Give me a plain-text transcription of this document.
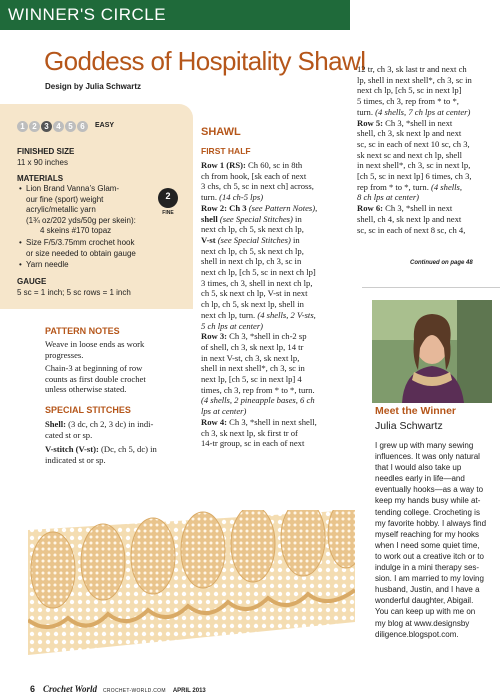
WINNER'S CIRCLE
Goddess of Hospitality Shawl
Design by Julia Schwartz
1 2 3 4 5 6	EASY
FINISHED SIZE
11 x 90 inches
MATERIALS
• Lion Brand Vanna’s Glam-
our fine (sport) weight
acrylic/metallic yarn
(1¾ oz/202 yds/50g per skein):
4 skeins #170 topaz
• Size F/5/3.75mm crochet hook
or size needed to obtain gauge
• Yarn needle
2
FINE
GAUGE
5 sc = 1 inch; 5 sc rows = 1 inch
PATTERN NOTES
Weave in loose ends as work
progresses.
Chain-3 at beginning of row
counts as first double crochet
unless otherwise stated.
SPECIAL STITCHES
Shell: (3 dc, ch 2, 3 dc) in indi-
cated st or sp.
V-stitch (V-st): (Dc, ch 5, dc) in
indicated st or sp.
SHAWL
FIRST HALF
Row 1 (RS): Ch 60, sc in 8th
ch from hook, [sk each of next
3 chs, ch 5, sc in next ch] across,
turn. (14 ch-5 lps)
Row 2: Ch 3 (see Pattern Notes),
shell (see Special Stitches) in
next ch lp, ch 5, sk next ch lp,
V-st (see Special Stitches) in
next ch lp, ch 5, sk next ch lp,
shell in next ch lp, ch 3, sc in
next ch lp, [ch 5, sc in next ch lp]
3 times, ch 3, shell in next ch lp,
ch 5, sk next ch lp, V-st in next
ch lp, ch 5, sk next lp, shell in
next ch lp, turn. (4 shells, 2 V-sts,
5 ch lps at center)
Row 3: Ch 3, *shell in ch-2 sp
of shell, ch 3, sk next lp, 14 tr
in next V-st, ch 3, sk next lp,
shell in next shell*, ch 3, sc in
next lp, [ch 5, sc in next lp] 4
times, ch 3, rep from * to *, turn.
(4 shells, 2 pineapple bases, 6 ch
lps at center)
Row 4: Ch 3, *shell in next shell,
ch 3, sk next lp, sk first tr of
14-tr group, sc in each of next
12 tr, ch 3, sk last tr and next ch
lp, shell in next shell*, ch 3, sc in
next ch lp, [ch 5, sc in next lp]
5 times, ch 3, rep from * to *,
turn. (4 shells, 7 ch lps at center)
Row 5: Ch 3, *shell in next
shell, ch 3, sk next lp and next
sc, sc in each of next 10 sc, ch 3,
sk next sc and next ch lp, shell
in next shell*, ch 3, sc in next lp,
[ch 5, sc in next lp] 6 times, ch 3,
rep from * to *, turn. (4 shells,
8 ch lps at center)
Row 6: Ch 3, *shell in next
shell, ch 4, sk next lp and next
sc, sc in each of next 8 sc, ch 4,
Continued on page 48
Meet the Winner
Julia Schwartz
I grew up with many sewing
influences. It was only natural
that I would also take up
needles early in life—and
eventually hooks—as a way to
keep my hands busy while at-
tending college. Crocheting is
my favorite hobby. I always find
myself reaching for my hooks
when I need some quiet time,
to work out a creative itch or to
indulge in a mini therapy ses-
sion. I am married to my loving
husband, Justin, and I have a
wonderful daughter, Abigail.
You can keep up with me on
my blog at www.designsby
diligence.blogspot.com.
6 Crochet World CROCHET-WORLD.COM APRIL 2013
